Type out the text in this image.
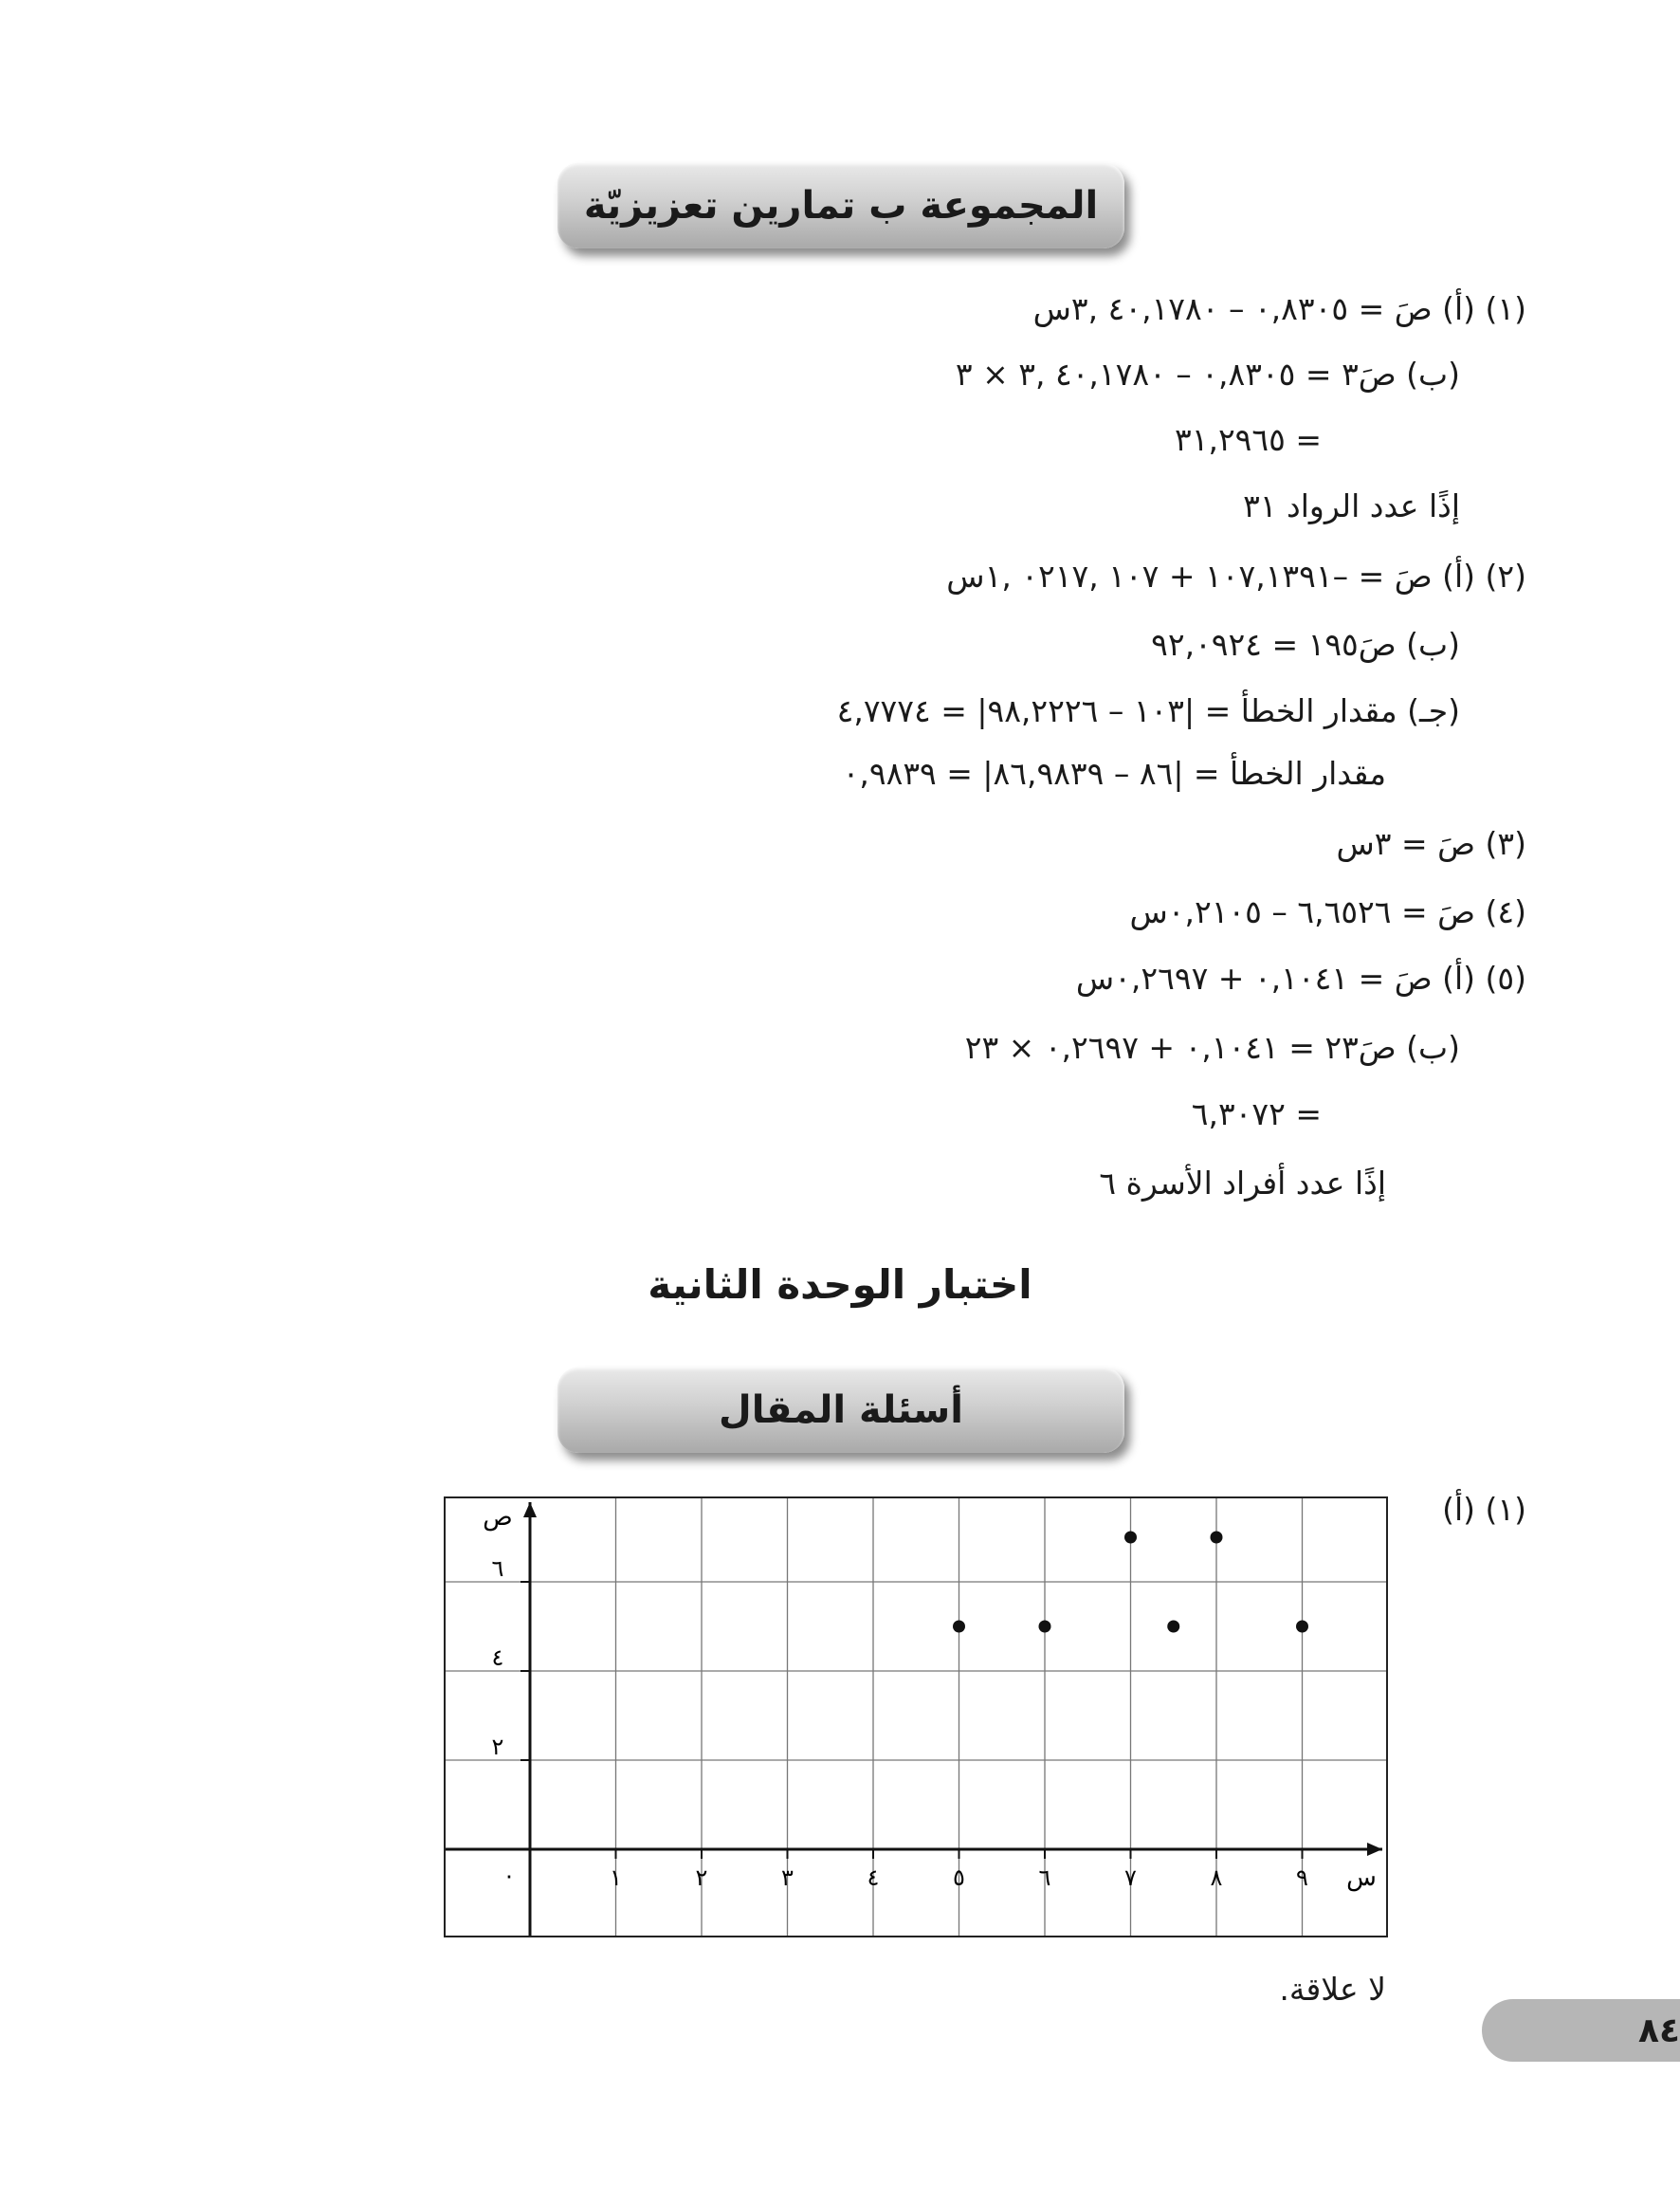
المجموعة ب تمارين تعزيزيّة
(١) (أ) صَ = ٠,٨٣٠٥ – ٤٠,١٧٨٠ ,٣س
(ب) صَ٣ = ٠,٨٣٠٥ – ٤٠,١٧٨٠ ,٣ × ٣
= ٣١,٢٩٦٥
إذًا عدد الرواد ٣١
(٢) (أ) صَ = –١٠٧,١٣٩١ + ١٠٧ ,٠٢١٧ ,١س
(ب) صَ١٩٥ = ٩٢,٠٩٢٤
(جـ) مقدار الخطأ = |١٠٣ – ٩٨,٢٢٢٦| = ٤,٧٧٧٤
مقدار الخطأ = |٨٦ – ٨٦,٩٨٣٩| = ٠,٩٨٣٩
(٣) صَ = ٣س
(٤) صَ = ٦,٦٥٢٦ – ٠,٢١٠٥س
(٥) (أ) صَ = ٠,١٠٤١ + ٠,٢٦٩٧س
(ب) صَ٢٣ = ٠,١٠٤١ + ٠,٢٦٩٧ × ٢٣
= ٦,٣٠٧٢
إذًا عدد أفراد الأسرة ٦
اختبار الوحدة الثانية
أسئلة المقال
(١) (أ)
س
ص
٠	١	٢	٣	٤	٥	٦	٧	٨	٩
٢
٤
٦
لا علاقة.
٨٤
